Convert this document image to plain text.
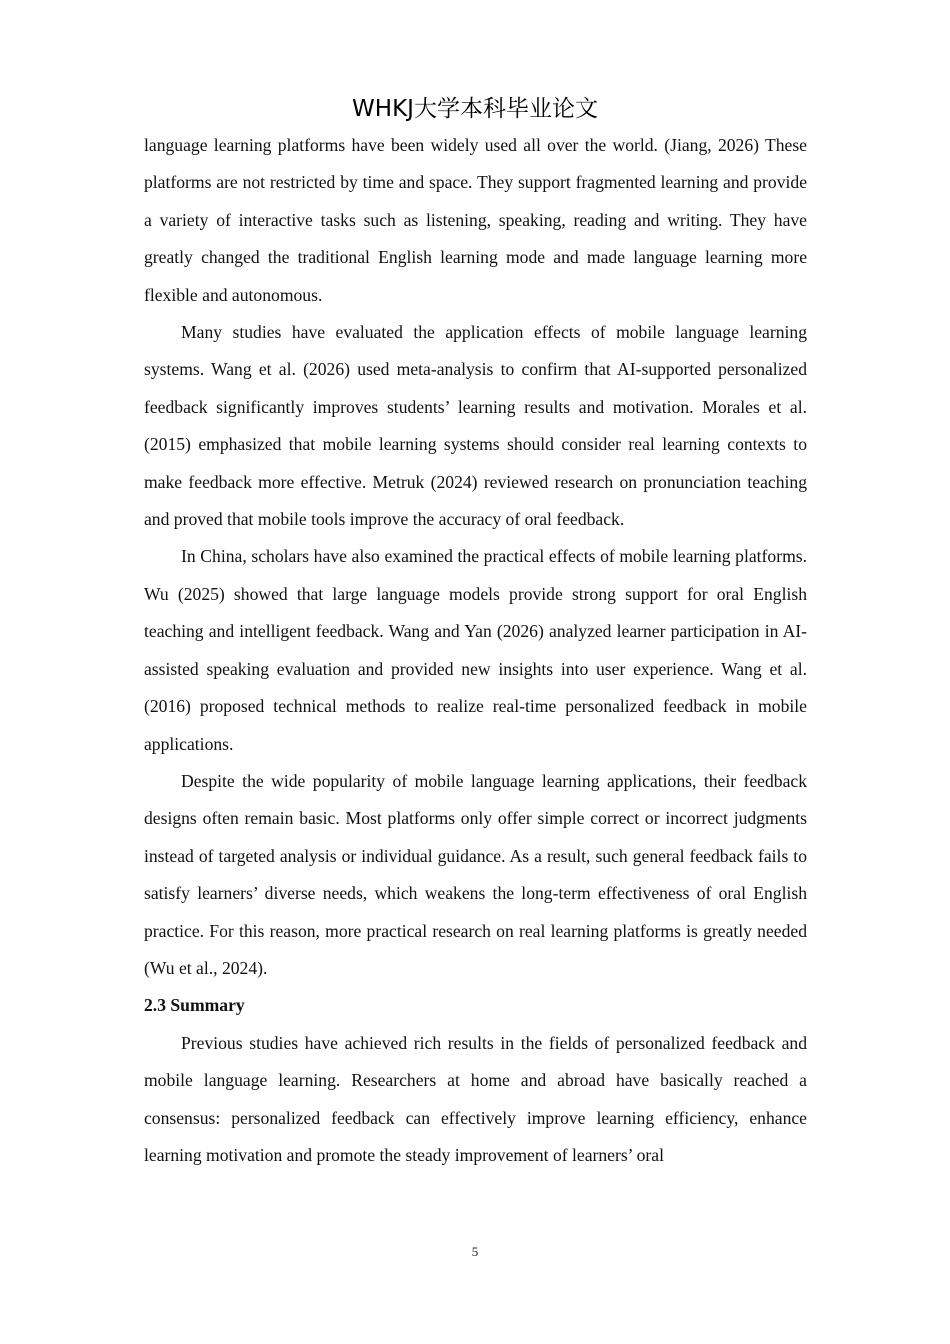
WHKJ大学本科毕业论文

language learning platforms have been widely used all over the world. (Jiang, 2026) These platforms are not restricted by time and space. They support fragmented learning and provide a variety of interactive tasks such as listening, speaking, reading and writing. They have greatly changed the traditional English learning mode and made language learning more flexible and autonomous.

Many studies have evaluated the application effects of mobile language learning systems. Wang et al. (2026) used meta-analysis to confirm that AI-supported personalized feedback significantly improves students’ learning results and motivation. Morales et al. (2015) emphasized that mobile learning systems should consider real learning contexts to make feedback more effective. Metruk (2024) reviewed research on pronunciation teaching and proved that mobile tools improve the accuracy of oral feedback.

In China, scholars have also examined the practical effects of mobile learning platforms. Wu (2025) showed that large language models provide strong support for oral English teaching and intelligent feedback. Wang and Yan (2026) analyzed learner participation in AI-assisted speaking evaluation and provided new insights into user experience. Wang et al. (2016) proposed technical methods to realize real-time personalized feedback in mobile applications.

Despite the wide popularity of mobile language learning applications, their feedback designs often remain basic. Most platforms only offer simple correct or incorrect judgments instead of targeted analysis or individual guidance. As a result, such general feedback fails to satisfy learners’ diverse needs, which weakens the long-term effectiveness of oral English practice. For this reason, more practical research on real learning platforms is greatly needed (Wu et al., 2024).

2.3 Summary

Previous studies have achieved rich results in the fields of personalized feedback and mobile language learning. Researchers at home and abroad have basically reached a consensus: personalized feedback can effectively improve learning efficiency, enhance learning motivation and promote the steady improvement of learners’ oral

5
